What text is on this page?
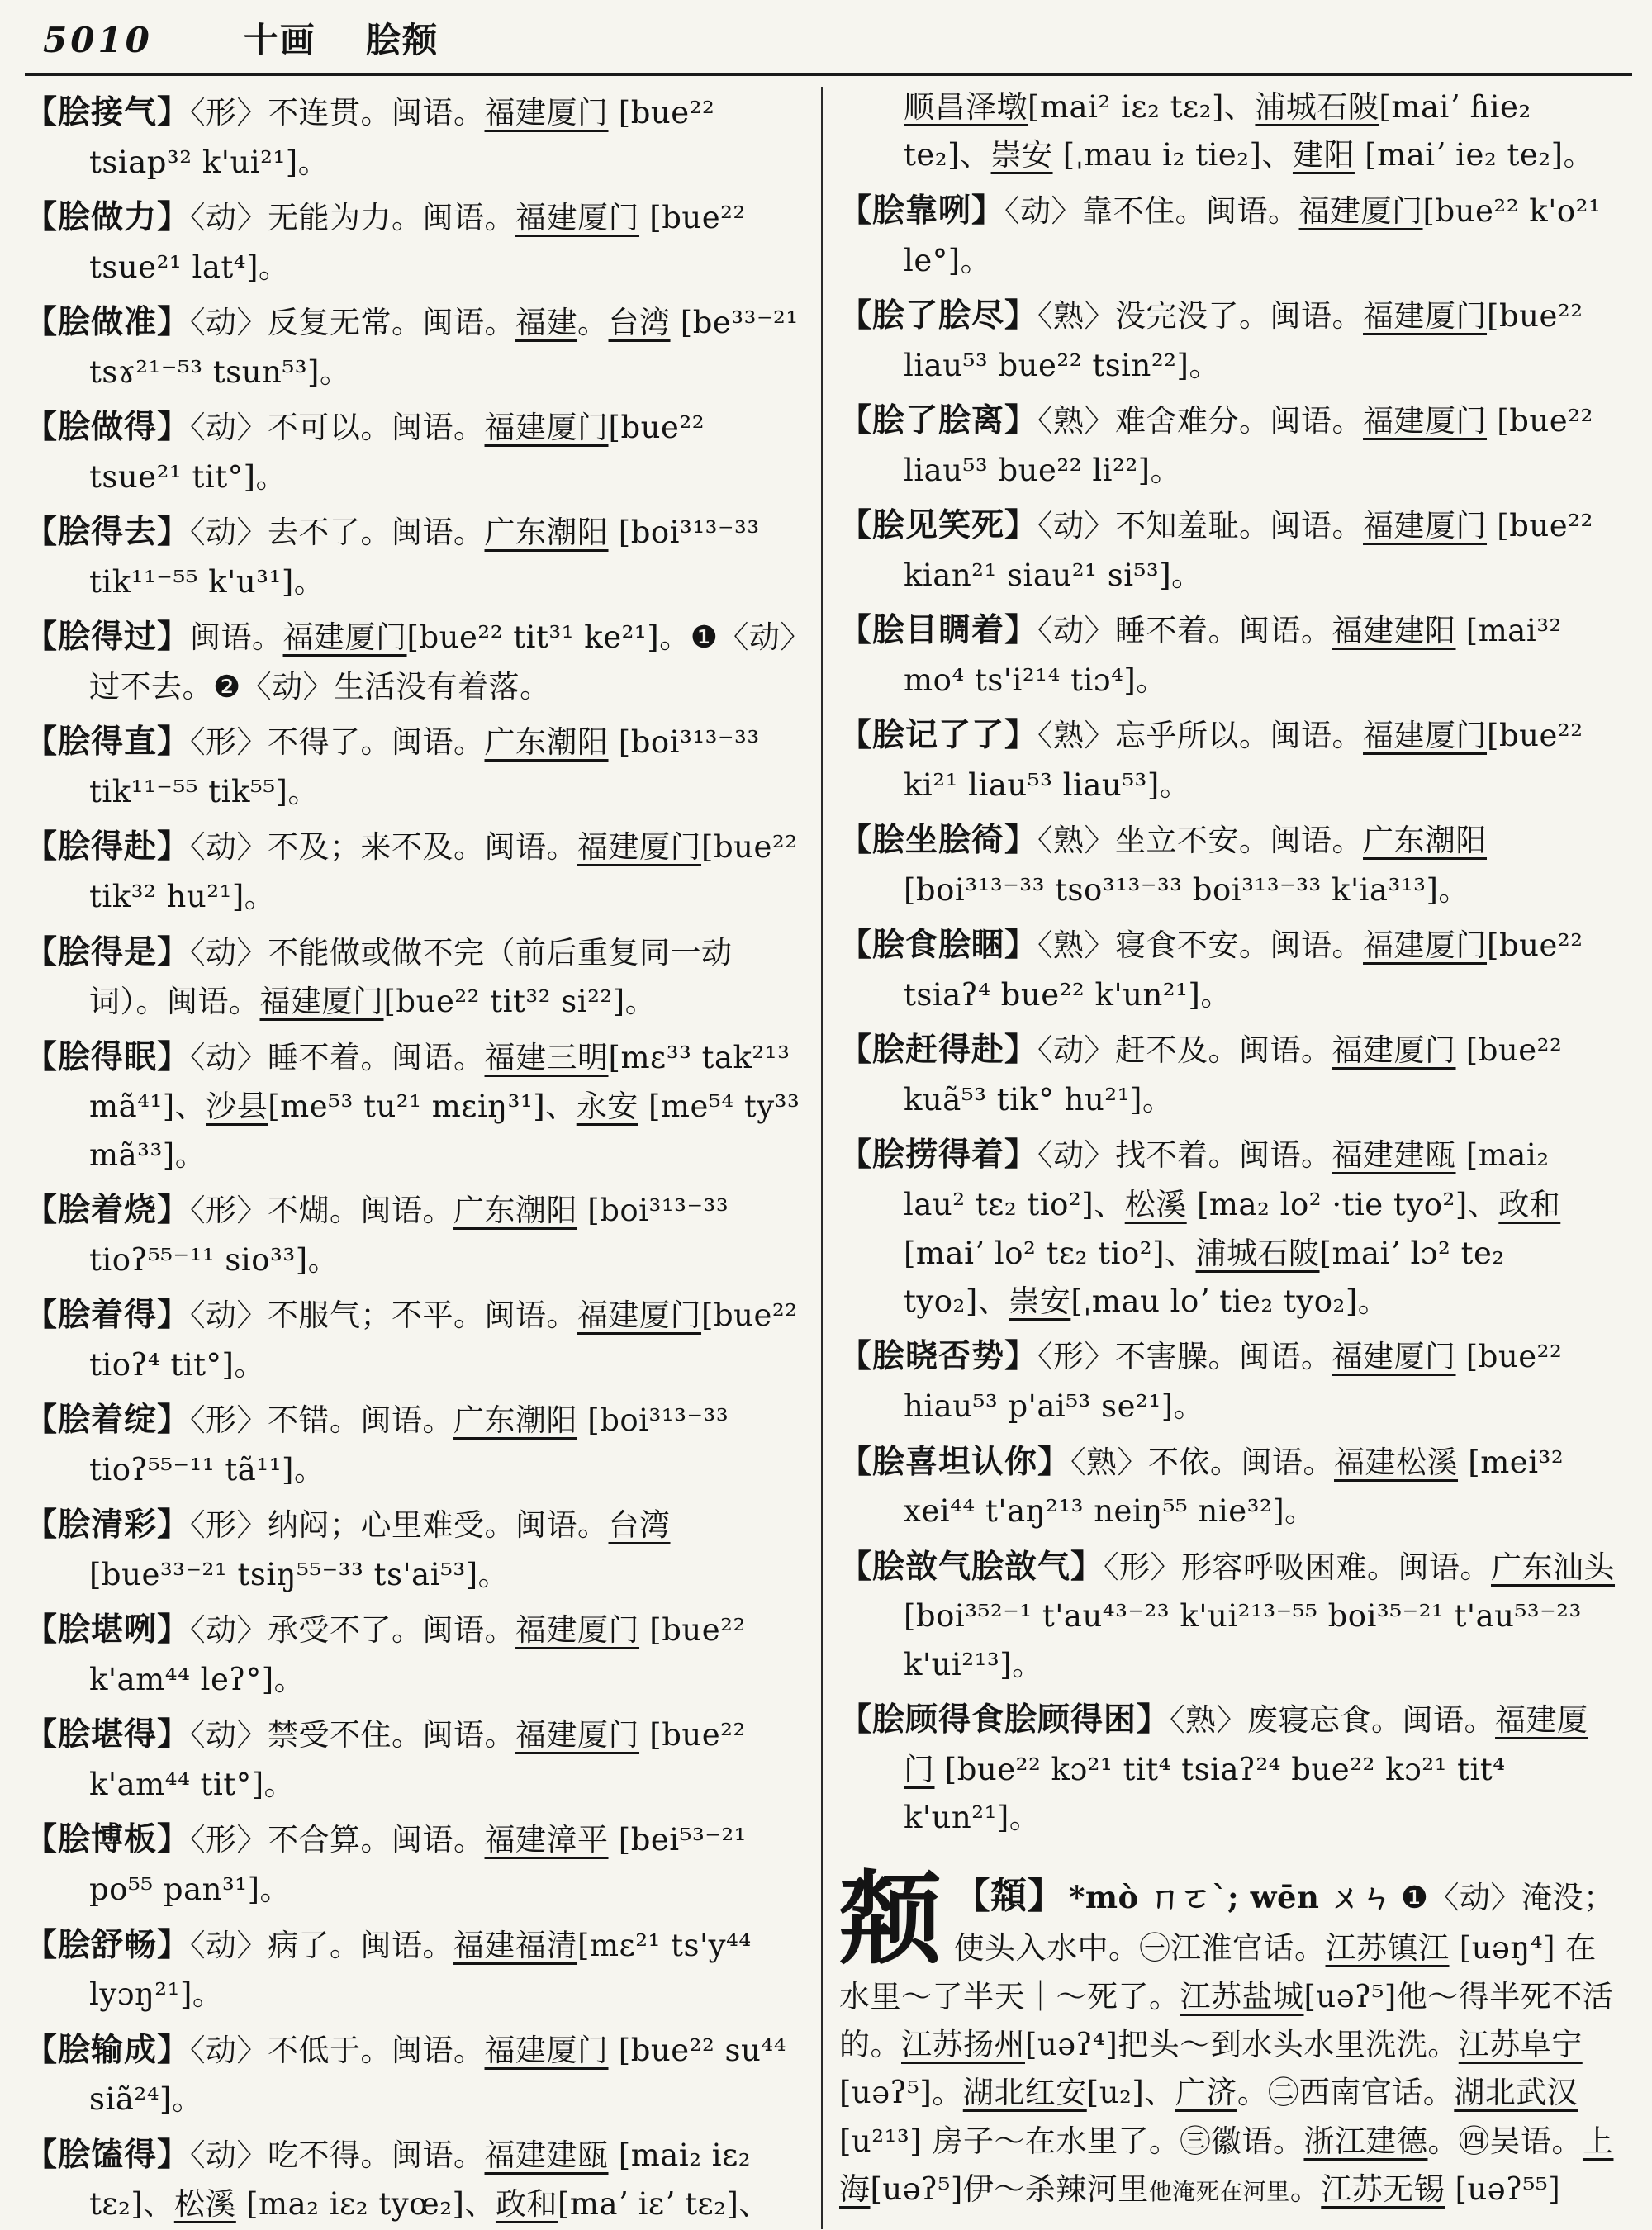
5010	十画 脍颒
【脍接气】〈形〉不连贯。闽语。福建厦门 [bue²² tsiap³² k'ui²¹]。
【脍做力】〈动〉无能为力。闽语。福建厦门 [bue²² tsue²¹ lat⁴]。
【脍做准】〈动〉反复无常。闽语。福建。台湾 [be³³⁻²¹ tsɤ²¹⁻⁵³ tsun⁵³]。
【脍做得】〈动〉不可以。闽语。福建厦门[bue²² tsue²¹ tit°]。
【脍得去】〈动〉去不了。闽语。广东潮阳 [boi³¹³⁻³³ tik¹¹⁻⁵⁵ k'u³¹]。
【脍得过】闽语。福建厦门[bue²² tit³¹ ke²¹]。❶〈动〉过不去。❷〈动〉生活没有着落。
【脍得直】〈形〉不得了。闽语。广东潮阳 [boi³¹³⁻³³ tik¹¹⁻⁵⁵ tik⁵⁵]。
【脍得赴】〈动〉不及；来不及。闽语。福建厦门[bue²² tik³² hu²¹]。
【脍得是】〈动〉不能做或做不完（前后重复同一动词）。闽语。福建厦门[bue²² tit³² si²²]。
【脍得眠】〈动〉睡不着。闽语。福建三明[mɛ³³ tak²¹³ mã⁴¹]、沙县[me⁵³ tu²¹ mɛiŋ³¹]、永安 [me⁵⁴ ty³³ mã³³]。
【脍着烧】〈形〉不煳。闽语。广东潮阳 [boi³¹³⁻³³ tioʔ⁵⁵⁻¹¹ sio³³]。
【脍着得】〈动〉不服气；不平。闽语。福建厦门[bue²² tioʔ⁴ tit°]。
【脍着绽】〈形〉不错。闽语。广东潮阳 [boi³¹³⁻³³ tioʔ⁵⁵⁻¹¹ tã¹¹]。
【脍清彩】〈形〉纳闷；心里难受。闽语。台湾[bue³³⁻²¹ tsiŋ⁵⁵⁻³³ ts'ai⁵³]。
【脍堪咧】〈动〉承受不了。闽语。福建厦门 [bue²² k'am⁴⁴ leʔ°]。
【脍堪得】〈动〉禁受不住。闽语。福建厦门 [bue²² k'am⁴⁴ tit°]。
【脍博板】〈形〉不合算。闽语。福建漳平 [bei⁵³⁻²¹ po⁵⁵ pan³¹]。
【脍舒畅】〈动〉病了。闽语。福建福清[mɛ²¹ ts'y⁴⁴ lyɔŋ²¹]。
【脍输成】〈动〉不低于。闽语。福建厦门 [bue²² su⁴⁴ siã²⁴]。
【脍馌得】〈动〉吃不得。闽语。福建建瓯 [mai₂ iɛ₂ tɛ₂]、松溪 [ma₂ iɛ₂ tyœ₂]、政和[maʼ iɛʼ tɛ₂]、
顺昌泽墩[mai² iɛ₂ tɛ₂]、浦城石陂[maiʼ ɦie₂ te₂]、崇安 [ˌmau i₂ tie₂]、建阳 [maiʼ ie₂ te₂]。
【脍靠咧】〈动〉靠不住。闽语。福建厦门[bue²² k'o²¹ le°]。
【脍了脍尽】〈熟〉没完没了。闽语。福建厦门[bue²² liau⁵³ bue²² tsin²²]。
【脍了脍离】〈熟〉难舍难分。闽语。福建厦门 [bue²² liau⁵³ bue²² li²²]。
【脍见笑死】〈动〉不知羞耻。闽语。福建厦门 [bue²² kian²¹ siau²¹ si⁵³]。
【脍目睭着】〈动〉睡不着。闽语。福建建阳 [mai³² mo⁴ ts'i²¹⁴ tiɔ⁴]。
【脍记了了】〈熟〉忘乎所以。闽语。福建厦门[bue²² ki²¹ liau⁵³ liau⁵³]。
【脍坐脍徛】〈熟〉坐立不安。闽语。广东潮阳 [boi³¹³⁻³³ tso³¹³⁻³³ boi³¹³⁻³³ k'ia³¹³]。
【脍食脍睏】〈熟〉寝食不安。闽语。福建厦门[bue²² tsiaʔ⁴ bue²² k'un²¹]。
【脍赶得赴】〈动〉赶不及。闽语。福建厦门 [bue²² kuã⁵³ tik° hu²¹]。
【脍捞得着】〈动〉找不着。闽语。福建建瓯 [mai₂ lau² tɛ₂ tio²]、松溪 [ma₂ lo² ·tie tyo²]、政和[maiʼ lo² tɛ₂ tio²]、浦城石陂[maiʼ lɔ² te₂ tyo₂]、崇安[ˌmau loʼ tie₂ tyo₂]。
【脍晓否势】〈形〉不害臊。闽语。福建厦门 [bue²² hiau⁵³ p'ai⁵³ se²¹]。
【脍喜坦认你】〈熟〉不依。闽语。福建松溪 [mei³² xei⁴⁴ t'aŋ²¹³ neiŋ⁵⁵ nie³²]。
【脍敨气脍敨气】〈形〉形容呼吸困难。闽语。广东汕头[boi³⁵²⁻¹ t'au⁴³⁻²³ k'ui²¹³⁻⁵⁵ boi³⁵⁻²¹ t'au⁵³⁻²³ k'ui²¹³]。
【脍顾得食脍顾得困】〈熟〉废寝忘食。闽语。福建厦门 [bue²² kɔ²¹ tit⁴ tsiaʔ²⁴ bue²² kɔ²¹ tit⁴ k'un²¹]。
颒 【頮】 *mò ㄇㄛˋ; wēn ㄨㄣ ❶〈动〉淹没；使头入水中。㊀江淮官话。江苏镇江 [uəŋ⁴] 在水里～了半天｜～死了。江苏盐城[uəʔ⁵]他～得半死不活的。江苏扬州[uəʔ⁴]把头～到水头水里洗洗。江苏阜宁[uəʔ⁵]。湖北红安[u₂]、广济。㊁西南官话。湖北武汉 [u²¹³] 房子～在水里了。㊂徽语。浙江建德。㊃吴语。上海[uəʔ⁵]伊～杀辣河里他淹死在河里。江苏无锡 [uəʔ⁵⁵]
